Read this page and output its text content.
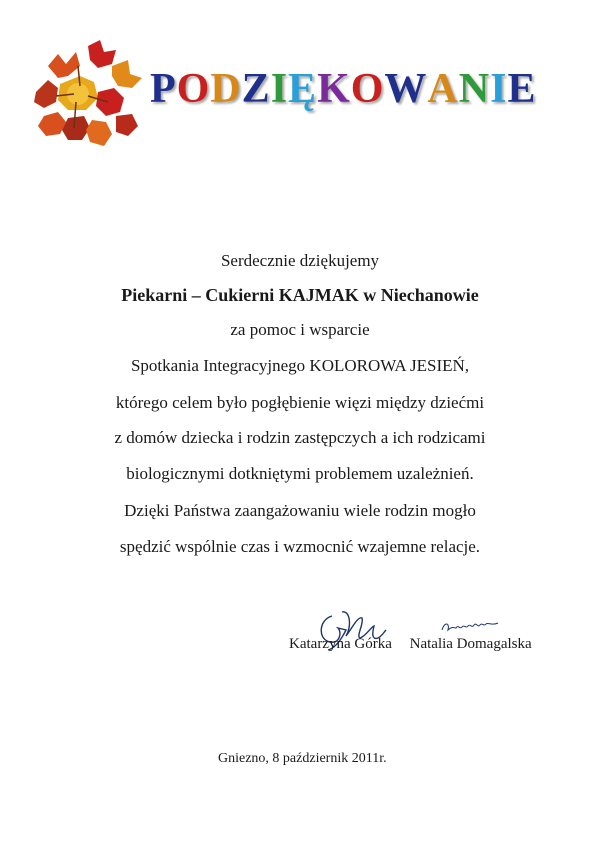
PODZIĘKOWANIE
Serdecznie dziękujemy
Piekarni – Cukierni KAJMAK w Niechanowie
za pomoc i wsparcie
Spotkania Integracyjnego KOLOROWA JESIEŃ,
którego celem było pogłębienie więzi między dziećmi
z domów dziecka i rodzin zastępczych a ich rodzicami
biologicznymi dotkniętymi problemem uzależnień.
Dzięki Państwa zaangażowaniu wiele rodzin mogło
spędzić wspólnie czas i wzmocnić wzajemne relacje.
Katarzyna Górka Natalia Domagalska
Gniezno, 8 październik 2011r.
